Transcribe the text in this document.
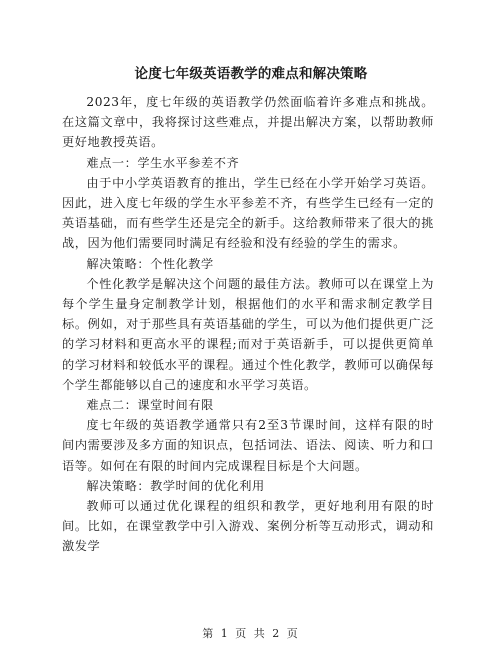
论度七年级英语教学的难点和解决策略

2023年，度七年级的英语教学仍然面临着许多难点和挑战。在这篇文章中，我将探讨这些难点，并提出解决方案，以帮助教师更好地教授英语。

难点一：学生水平参差不齐

由于中小学英语教育的推出，学生已经在小学开始学习英语。因此，进入度七年级的学生水平参差不齐，有些学生已经有一定的英语基础，而有些学生还是完全的新手。这给教师带来了很大的挑战，因为他们需要同时满足有经验和没有经验的学生的需求。

解决策略：个性化教学

个性化教学是解决这个问题的最佳方法。教师可以在课堂上为每个学生量身定制教学计划，根据他们的水平和需求制定教学目标。例如，对于那些具有英语基础的学生，可以为他们提供更广泛的学习材料和更高水平的课程;而对于英语新手，可以提供更简单的学习材料和较低水平的课程。通过个性化教学，教师可以确保每个学生都能够以自己的速度和水平学习英语。

难点二：课堂时间有限

度七年级的英语教学通常只有2至3节课时间，这样有限的时间内需要涉及多方面的知识点，包括词法、语法、阅读、听力和口语等。如何在有限的时间内完成课程目标是个大问题。

解决策略：教学时间的优化利用

教师可以通过优化课程的组织和教学，更好地利用有限的时间。比如，在课堂教学中引入游戏、案例分析等互动形式，调动和激发学

第 1 页 共 2 页
